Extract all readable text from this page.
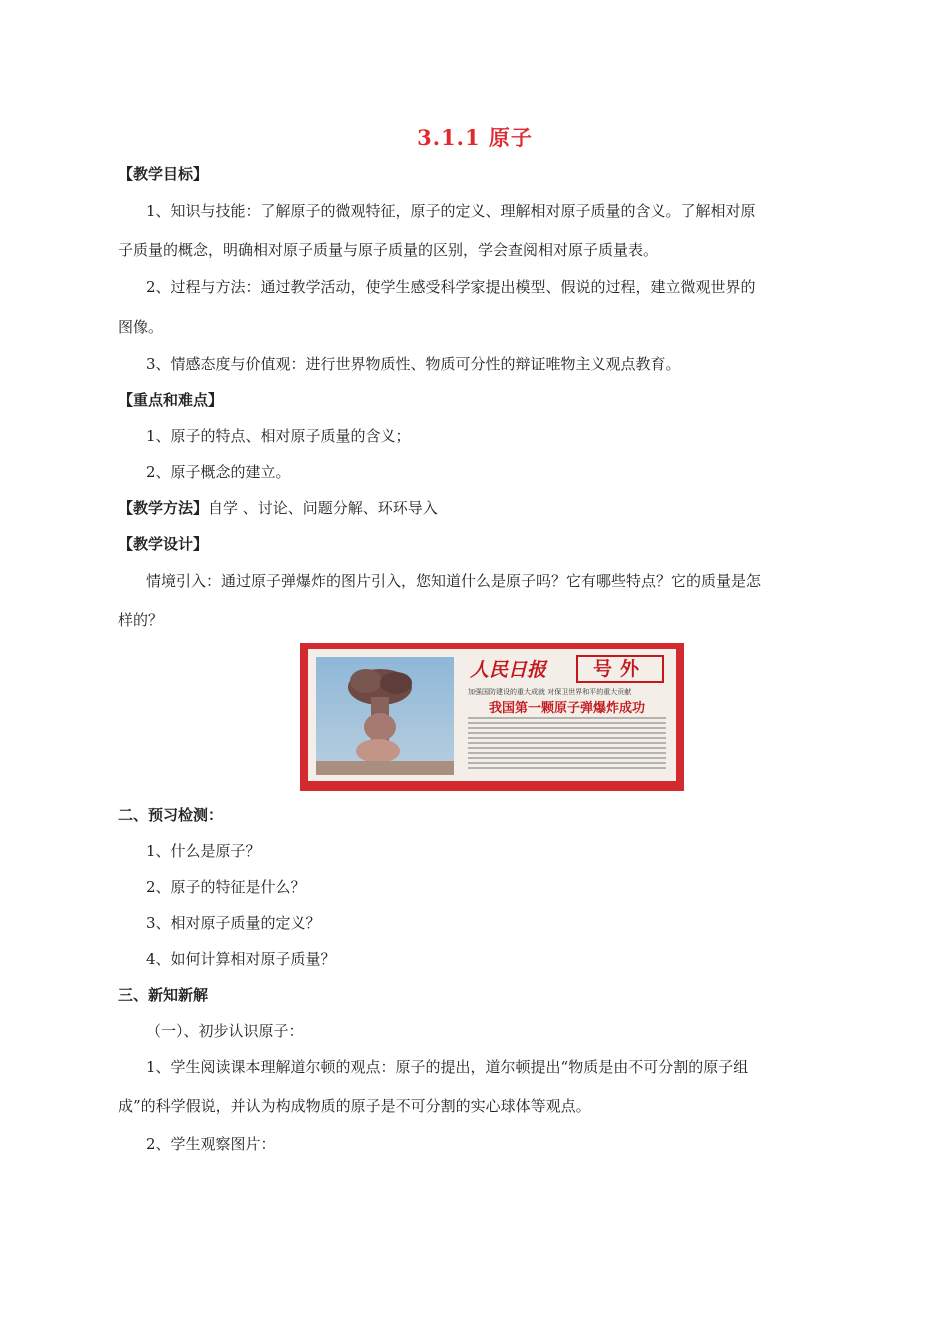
3.1.1 原子
【教学目标】
1、知识与技能：了解原子的微观特征，原子的定义、理解相对原子质量的含义。了解相对原
子质量的概念，明确相对原子质量与原子质量的区别，学会查阅相对原子质量表。
2、过程与方法：通过教学活动，使学生感受科学家提出模型、假说的过程，建立微观世界的
图像。
3、情感态度与价值观：进行世界物质性、物质可分性的辩证唯物主义观点教育。
【重点和难点】
1、原子的特点、相对原子质量的含义；
2、原子概念的建立。
【教学方法】自学 、讨论、问题分解、环环导入
【教学设计】
情境引入：通过原子弹爆炸的图片引入，您知道什么是原子吗？它有哪些特点？它的质量是怎
样的？
人民日报	号外
加强国防建设的重大成就 对保卫世界和平的重大贡献
我国第一颗原子弹爆炸成功
二、预习检测：
1、什么是原子？
2、原子的特征是什么？
3、相对原子质量的定义？
4、如何计算相对原子质量？
三、新知新解
（一）、初步认识原子：
1、学生阅读课本理解道尔顿的观点：原子的提出，道尔顿提出“物质是由不可分割的原子组
成”的科学假说，并认为构成物质的原子是不可分割的实心球体等观点。
2、学生观察图片：
